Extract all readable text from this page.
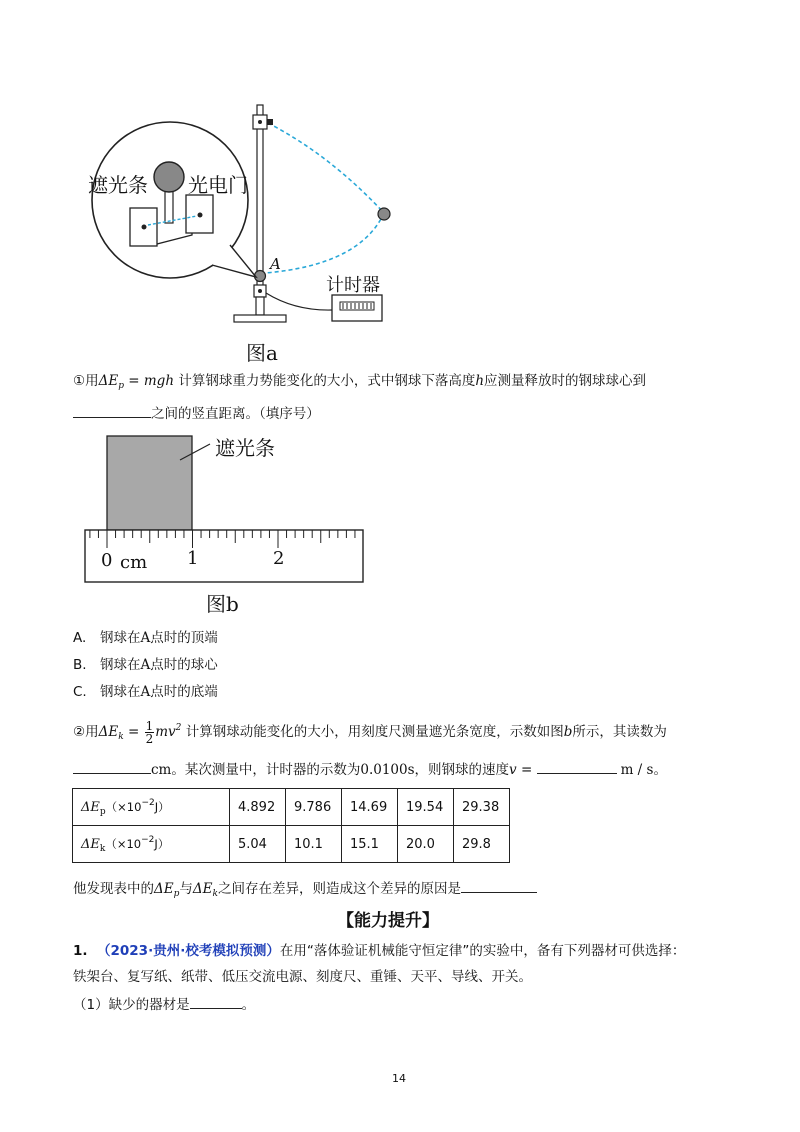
遮光条 光电门
A
计时器
图a
①用$\Delta E_p$ = mgh 计算钢球重力势能变化的大小，式中钢球下落高度h应测量释放时的钢球球心到
之间的竖直距离。（填序号）
遮光条
0 cm 1	2
图b
A. 钢球在A点时的顶端
B. 钢球在A点时的球心
C. 钢球在A点时的底端
②用$\Delta E_k = \frac{1}{2} mv^2$ 计算钢球动能变化的大小，用刻度尺测量遮光条宽度，示数如图b所示，其读数为
cm。某次测量中，计时器的示数为0.0100s，则钢球的速度v =	m / s。
$\Delta E_p(\times 10^{-2}J)$	4.892	9.786	14.69	19.54	29.38
$\Delta E_k(\times 10^{-2}J)$	5.04	10.1	15.1	20.0	29.8
他发现表中的$\Delta E_p$与$\Delta E_k$之间存在差异，则造成这个差异的原因是
【能力提升】
1. （2023·贵州·校考模拟预测）在用“落体验证机械能守恒定律”的实验中，备有下列器材可供选择：
铁架台、复写纸、纸带、低压交流电源、刻度尺、重锤、天平、导线、开关。
（1）缺少的器材是	。
14
